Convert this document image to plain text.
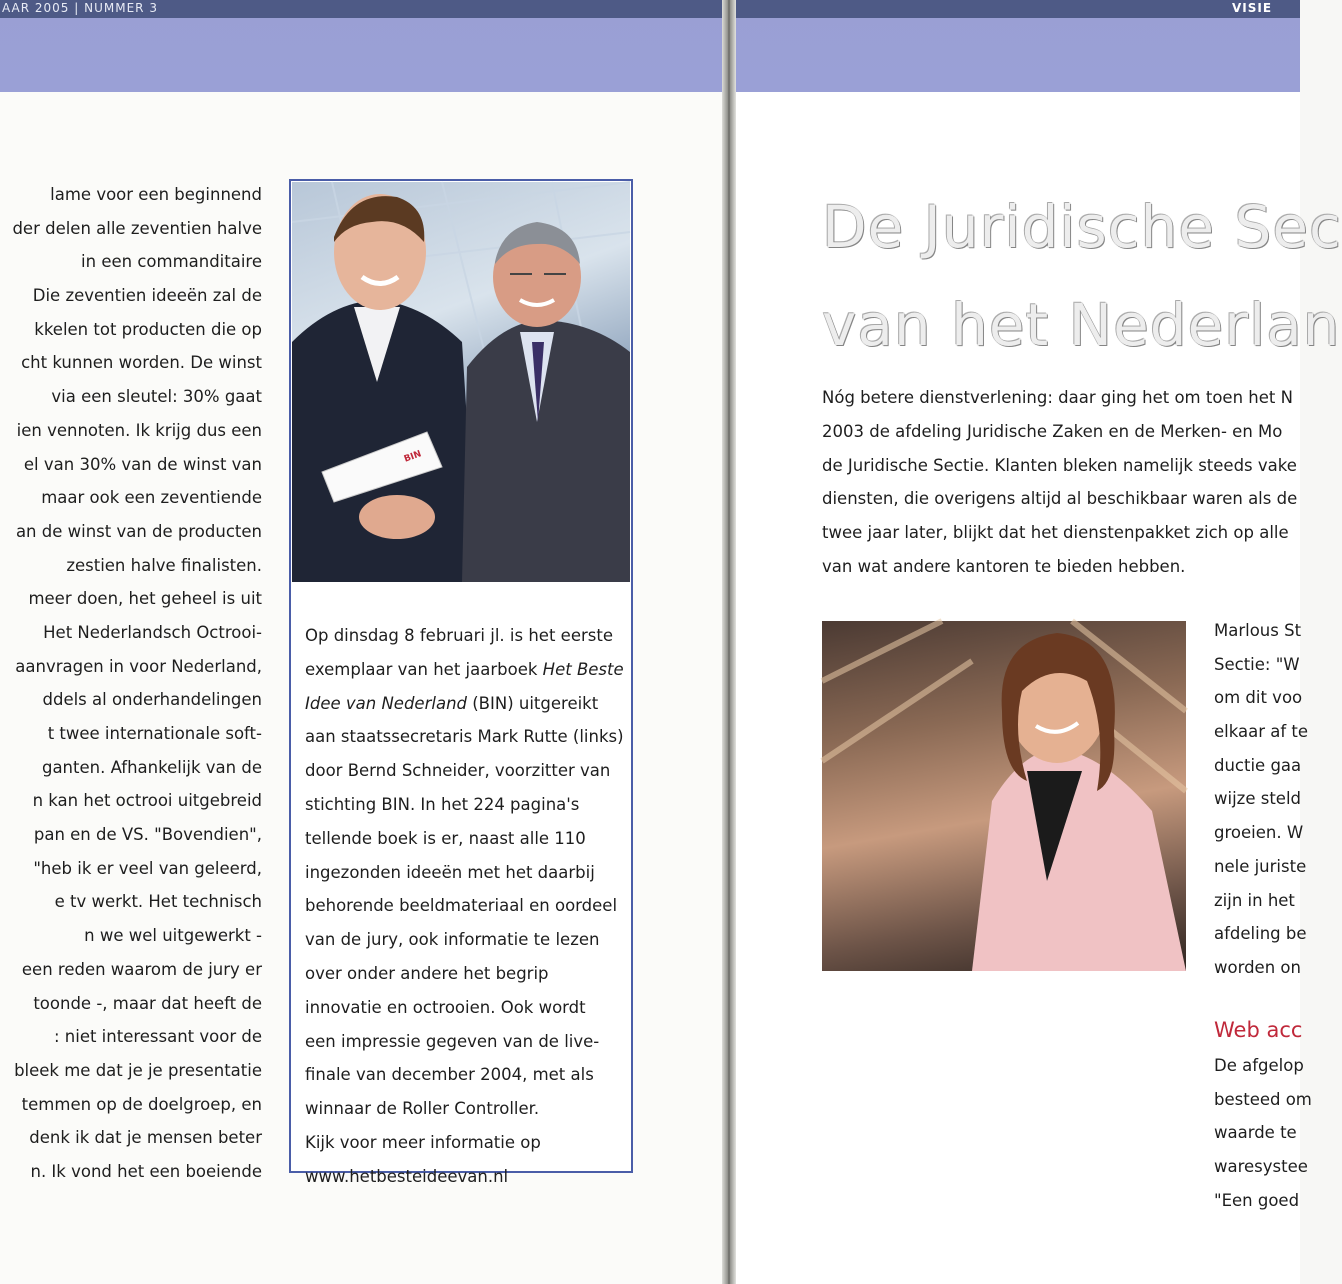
AAR 2005 | NUMMER 3	VISIE
lame voor een beginnend
der delen alle zeventien halve
in een commanditaire
Die zeventien ideeën zal de
kkelen tot producten die op
cht kunnen worden. De winst
via een sleutel: 30% gaat
ien vennoten. Ik krijg dus een
el van 30% van de winst van
maar ook een zeventiende
an de winst van de producten
zestien halve finalisten.
meer doen, het geheel is uit
Het Nederlandsch Octrooi-
aanvragen in voor Nederland,
ddels al onderhandelingen
t twee internationale soft-
ganten. Afhankelijk van de
n kan het octrooi uitgebreid
pan en de VS. "Bovendien",
"heb ik er veel van geleerd,
e tv werkt. Het technisch
n we wel uitgewerkt -
een reden waarom de jury er
toonde -, maar dat heeft de
: niet interessant voor de
bleek me dat je je presentatie
temmen op de doelgroep, en
denk ik dat je mensen beter
n. Ik vond het een boeiende
BIN
Op dinsdag 8 februari jl. is het eerste
exemplaar van het jaarboek Het Beste
Idee van Nederland (BIN) uitgereikt
aan staatssecretaris Mark Rutte (links)
door Bernd Schneider, voorzitter van
stichting BIN. In het 224 pagina's
tellende boek is er, naast alle 110
ingezonden ideeën met het daarbij
behorende beeldmateriaal en oordeel
van de jury, ook informatie te lezen
over onder andere het begrip
innovatie en octrooien. Ook wordt
een impressie gegeven van de live-
finale van december 2004, met als
winnaar de Roller Controller.
Kijk voor meer informatie op
www.hetbesteideevan.nl
De Juridische Sec
van het Nederlan
Nóg betere dienstverlening: daar ging het om toen het N
2003 de afdeling Juridische Zaken en de Merken- en Mo
de Juridische Sectie. Klanten bleken namelijk steeds vake
diensten, die overigens altijd al beschikbaar waren als de
twee jaar later, blijkt dat het dienstenpakket zich op alle
van wat andere kantoren te bieden hebben.
Marlous St
Sectie: "W
om dit voo
elkaar af te
ductie gaa
wijze steld
groeien. W
nele juriste
zijn in het
afdeling be
worden on
Web acc
De afgelop
besteed om
waarde te
waresystee
"Een goed
